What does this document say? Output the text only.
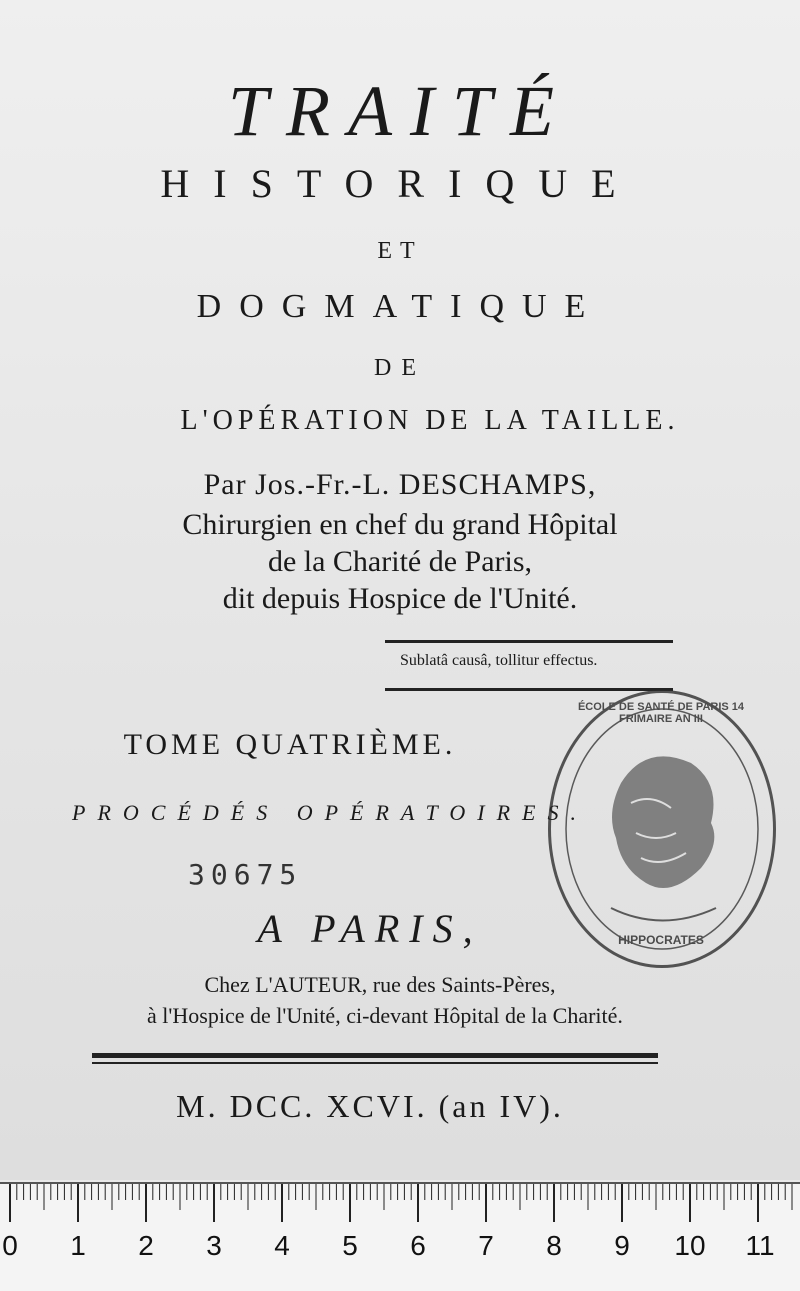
TRAITÉ
HISTORIQUE
ET
DOGMATIQUE
DE
L'OPÉRATION DE LA TAILLE.
Par Jos.-Fr.-L. DESCHAMPS,
Chirurgien en chef du grand Hôpital
de la Charité de Paris,
dit depuis Hospice de l'Unité.
Sublatâ causâ, tollitur effectus.
TOME QUATRIÈME.
PROCÉDÉS OPÉRATOIRES.
30675
A PARIS,
Chez L'AUTEUR, rue des Saints-Pères,
à l'Hospice de l'Unité, ci-devant Hôpital de la Charité.
M. DCC. XCVI. (an IV).
ÉCOLE DE SANTÉ DE PARIS 14 FRIMAIRE AN III
HIPPOCRATES
0	1	2	3	4	5	6	7	8	9	10 11
